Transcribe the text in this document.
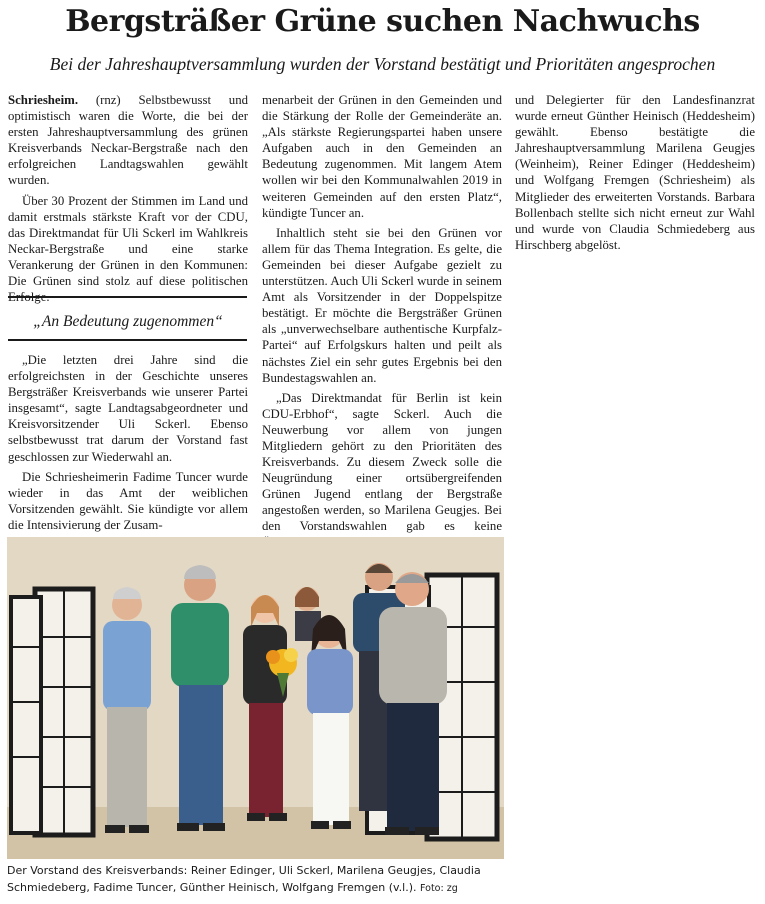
Bergsträßer Grüne suchen Nachwuchs

Bei der Jahreshauptversammlung wurden der Vorstand bestätigt und Prioritäten angesprochen

Schriesheim. (rnz) Selbstbewusst und optimistisch waren die Worte, die bei der ersten Jahreshauptversammlung des grünen Kreisverbands Neckar-Bergstraße nach den erfolgreichen Landtagswahlen gewählt wurden.

Über 30 Prozent der Stimmen im Land und damit erstmals stärkste Kraft vor der CDU, das Direktmandat für Uli Sckerl im Wahlkreis Neckar-Bergstraße und eine starke Verankerung der Grünen in den Kommunen: Die Grünen sind stolz auf diese politischen

„An Bedeutung zugenommen“

„Die letzten drei Jahre sind die erfolgreichsten in der Geschichte unseres Bergsträßer Kreisverbands wie unserer Partei insgesamt“, sagte Landtagsabgeordneter und Kreisvorsitzender Uli Sckerl. Ebenso selbstbewusst trat darum der Vorstand fast geschlossen zur Wiederwahl an.

Die Schriesheimerin Fadime Tuncer wurde wieder in das Amt der weiblichen Vorsitzenden gewählt. Sie kündigte vor allem die Intensivierung der Zusam-

menarbeit der Grünen in den Gemeinden und die Stärkung der Rolle der Gemeinderäte an. „Als stärkste Regierungspartei haben unsere Aufgaben auch in den Gemeinden an Bedeutung zugenommen. Mit langem Atem wollen wir bei den Kommunalwahlen 2019 in weiteren Gemeinden auf den ersten Platz“, kündigte Tuncer an.

Inhaltlich steht sie bei den Grünen vor allem für das Thema Integration. Es gelte, die Gemeinden bei dieser Aufgabe gezielt zu unterstützen. Auch Uli Sckerl wurde in seinem Amt als Vorsitzender in der Doppelspitze bestätigt. Er möchte die Bergsträßer Grünen als „unverwechselbare authentische Kurpfalz-Partei“ auf Erfolgskurs halten und peilt als nächstes Ziel ein sehr gutes Ergebnis bei den Bundestagswahlen an.

„Das Direktmandat für Berlin ist kein CDU-Erbhof“, sagte Sckerl. Auch die Neuwerbung vor allem von jungen Mitgliedern gehört zu den Prioritäten des Kreisverbands. Zu diesem Zweck solle die Neugründung einer ortsübergreifenden Grünen Jugend entlang der Bergstraße angestoßen werden, so Marilena Geugjes. Bei den Vorstandswahlen gab es keine

und Delegierter für den Landesfinanzrat wurde erneut Günther Heinisch (Heddesheim) gewählt. Ebenso bestätigte die Jahreshauptversammlung Marilena Geugjes (Weinheim), Reiner Edinger (Heddesheim) und Wolfgang Fremgen (Schriesheim) als Mitglieder des erweiterten Vorstands. Barbara Bollenbach stellte sich nicht erneut zur Wahl und wurde von Claudia Schmiedeberg aus Hirschberg abgelöst.

Der Vorstand des Kreisverbands: Reiner Edinger, Uli Sckerl, Marilena Geugjes, Claudia Schmiedeberg, Fadime Tuncer, Günther Heinisch, Wolfgang Fremgen (v.l.). Foto: zg
